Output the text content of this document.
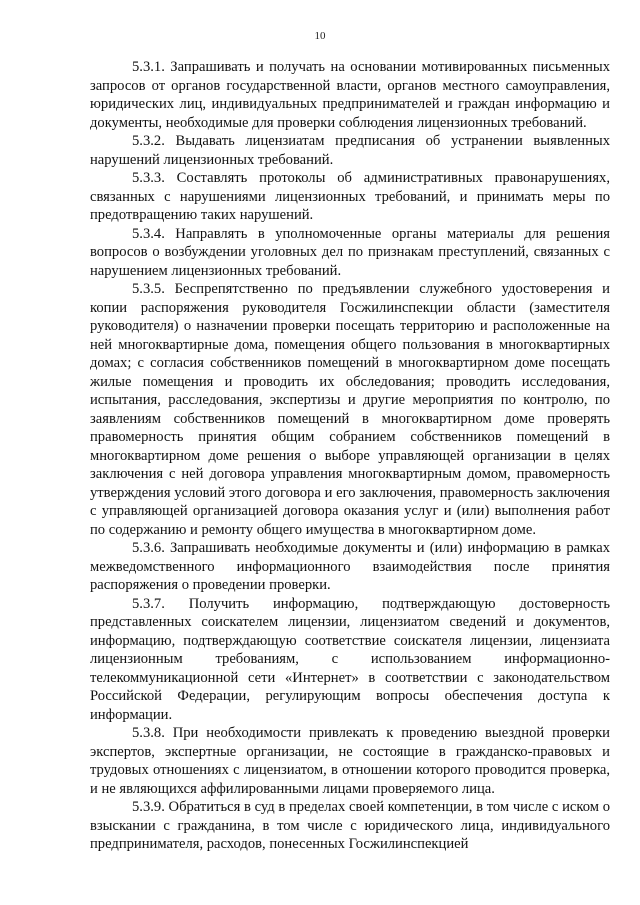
10

5.3.1. Запрашивать и получать на основании мотивированных письменных запросов от органов государственной власти, органов местного самоуправления, юридических лиц, индивидуальных предпринимателей и граждан информацию и документы, необходимые для проверки соблюдения лицензионных требований.

5.3.2. Выдавать лицензиатам предписания об устранении выявленных нарушений лицензионных требований.

5.3.3. Составлять протоколы об административных правонарушениях, связанных с нарушениями лицензионных требований, и принимать меры по предотвращению таких нарушений.

5.3.4. Направлять в уполномоченные органы материалы для решения вопросов о возбуждении уголовных дел по признакам преступлений, связанных с нарушением лицензионных требований.

5.3.5. Беспрепятственно по предъявлении служебного удостоверения и копии распоряжения руководителя Госжилинспекции области (заместителя руководителя) о назначении проверки посещать территорию и расположенные на ней многоквартирные дома, помещения общего пользования в многоквартирных домах; с согласия собственников помещений в многоквартирном доме посещать жилые помещения и проводить их обследования; проводить исследования, испытания, расследования, экспертизы и другие мероприятия по контролю, по заявлениям собственников помещений в многоквартирном доме проверять правомерность принятия общим собранием собственников помещений в многоквартирном доме решения о выборе управляющей организации в целях заключения с ней договора управления многоквартирным домом, правомерность утверждения условий этого договора и его заключения, правомерность заключения с управляющей организацией договора оказания услуг и (или) выполнения работ по содержанию и ремонту общего имущества в многоквартирном доме.

5.3.6. Запрашивать необходимые документы и (или) информацию в рамках межведомственного информационного взаимодействия после принятия распоряжения о проведении проверки.

5.3.7. Получить информацию, подтверждающую достоверность представленных соискателем лицензии, лицензиатом сведений и документов, информацию, подтверждающую соответствие соискателя лицензии, лицензиата лицензионным требованиям, с использованием информационно-телекоммуникационной сети «Интернет» в соответствии с законодательством Российской Федерации, регулирующим вопросы обеспечения доступа к информации.

5.3.8. При необходимости привлекать к проведению выездной проверки экспертов, экспертные организации, не состоящие в гражданско-правовых и трудовых отношениях с лицензиатом, в отношении которого проводится проверка, и не являющихся аффилированными лицами проверяемого лица.

5.3.9. Обратиться в суд в пределах своей компетенции, в том числе с иском о взыскании с гражданина, в том числе с юридического лица, индивидуального предпринимателя, расходов, понесенных Госжилинспекцией
